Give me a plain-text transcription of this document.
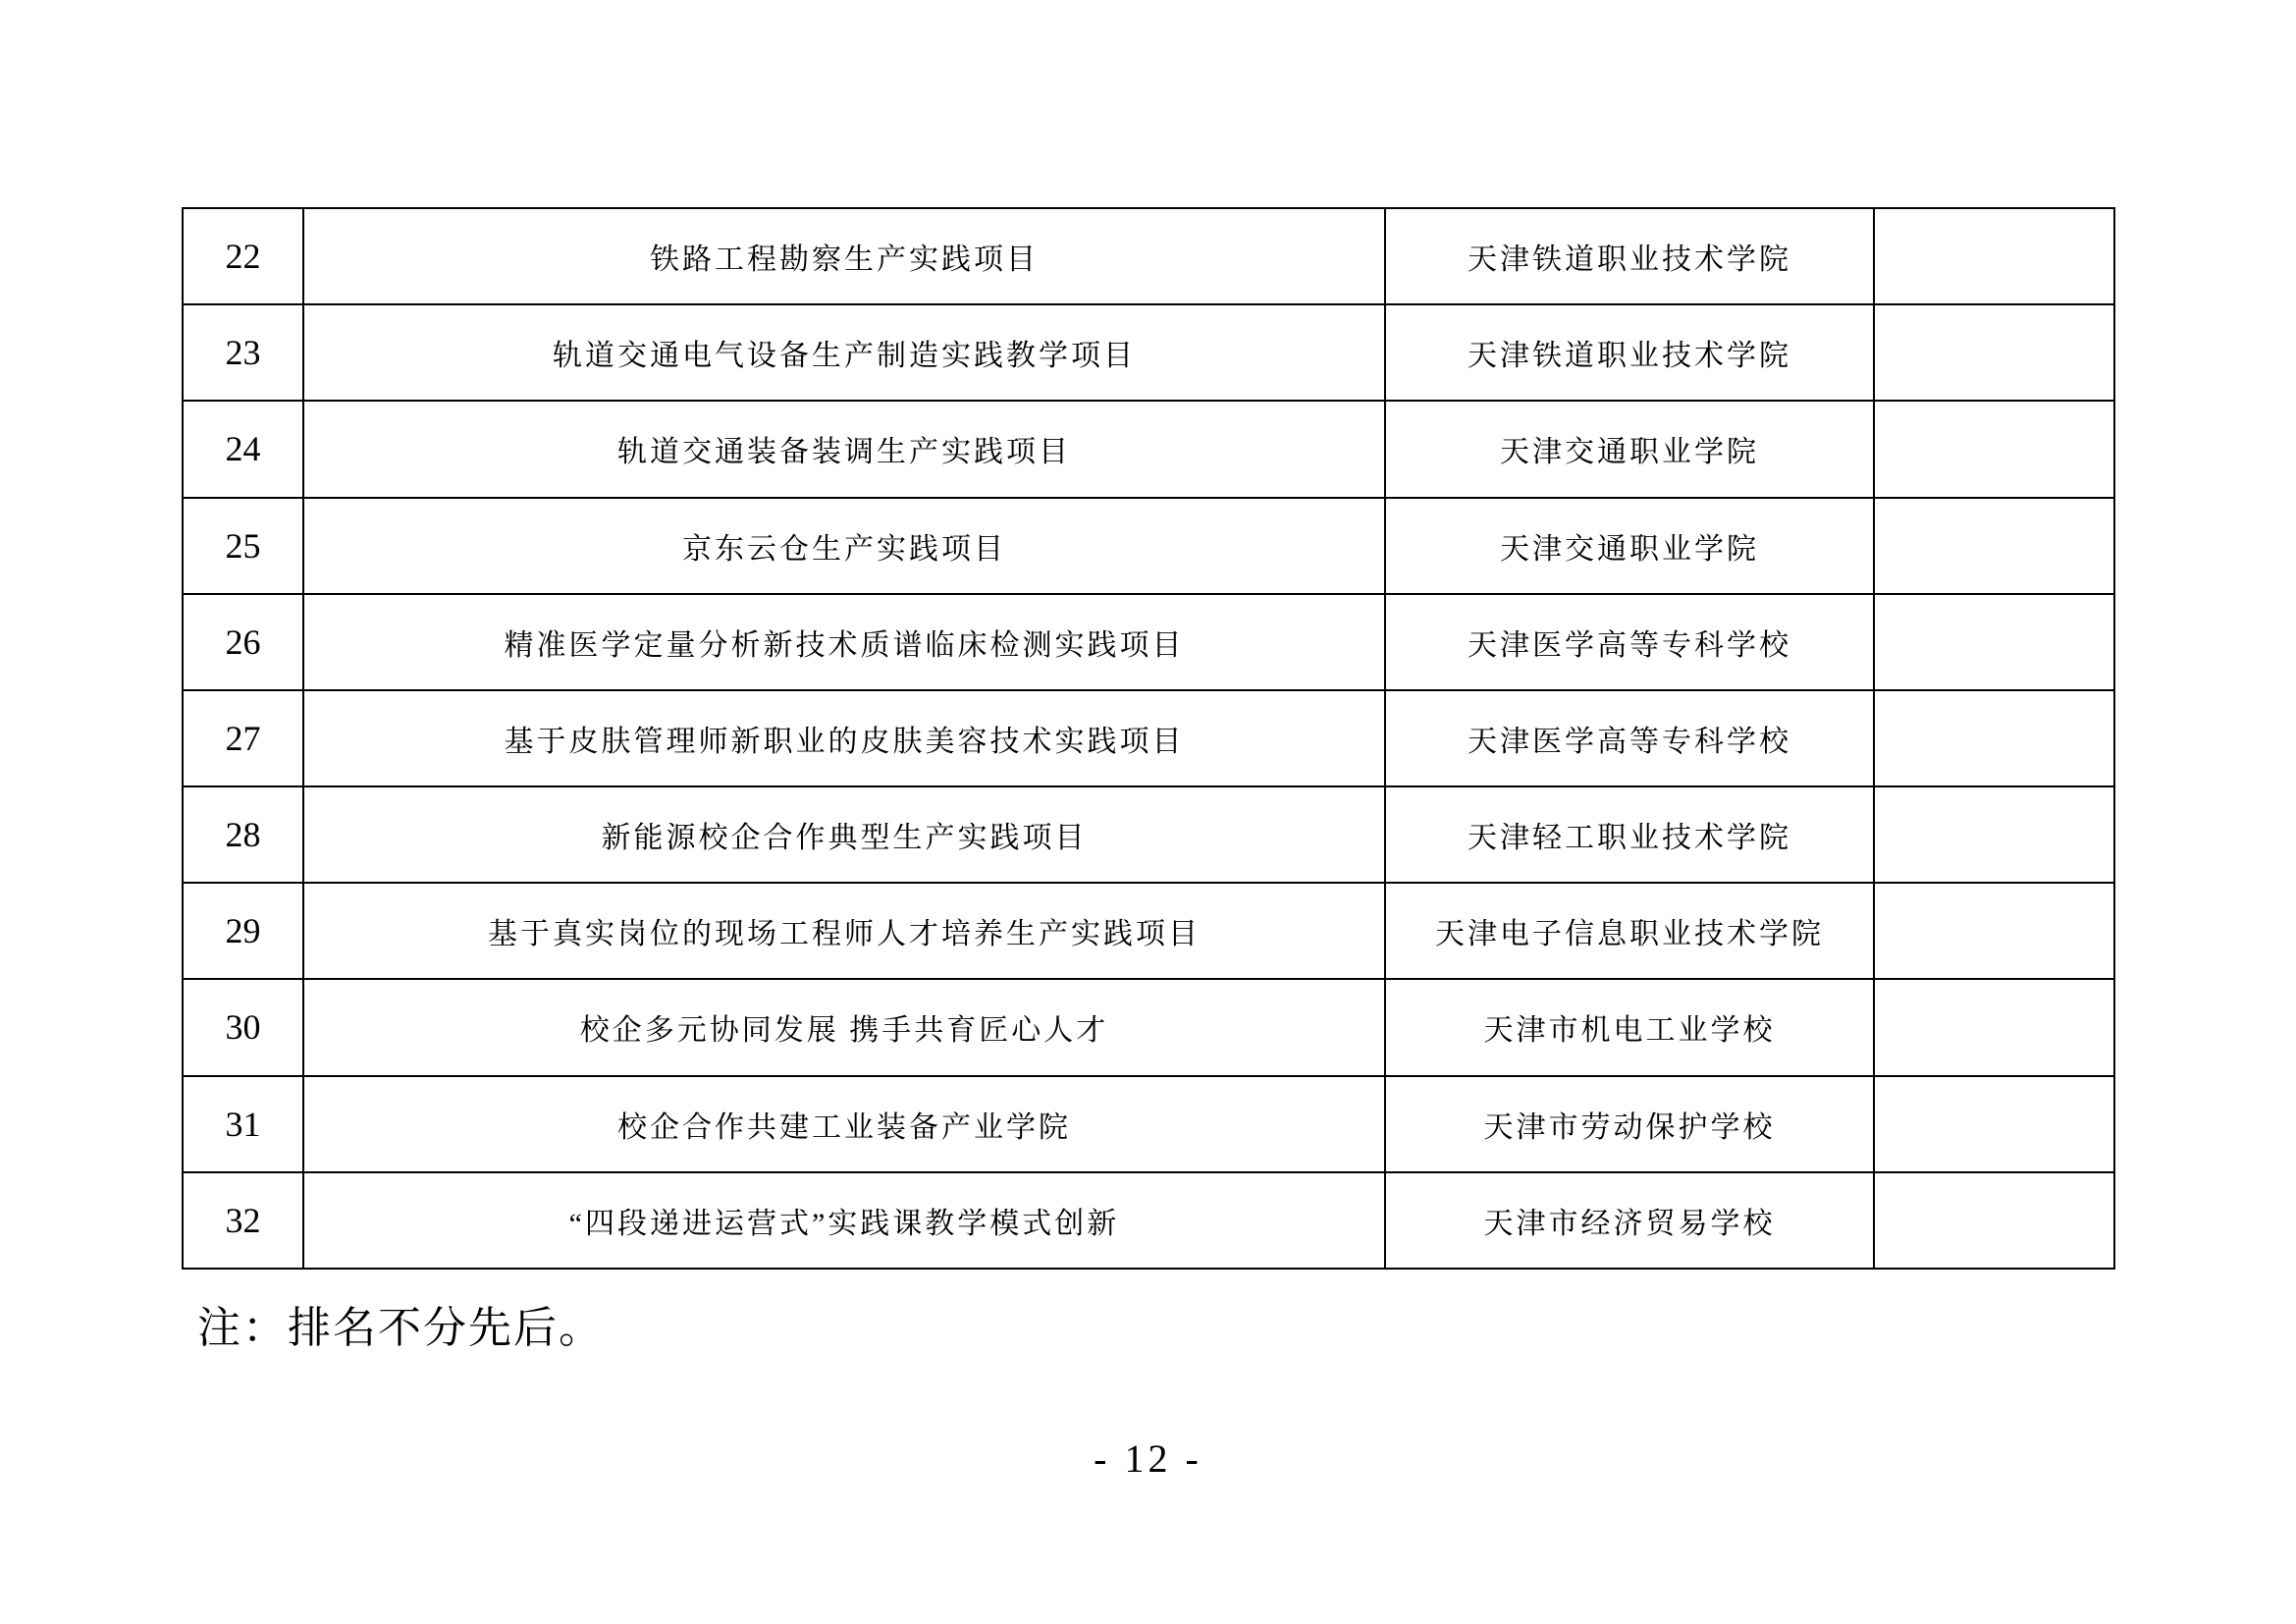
22	铁路工程勘察生产实践项目	天津铁道职业技术学院	
23	轨道交通电气设备生产制造实践教学项目	天津铁道职业技术学院	
24	轨道交通装备装调生产实践项目	天津交通职业学院	
25	京东云仓生产实践项目	天津交通职业学院	
26	精准医学定量分析新技术质谱临床检测实践项目	天津医学高等专科学校	
27	基于皮肤管理师新职业的皮肤美容技术实践项目	天津医学高等专科学校	
28	新能源校企合作典型生产实践项目	天津轻工职业技术学院	
29	基于真实岗位的现场工程师人才培养生产实践项目	天津电子信息职业技术学院	
30	校企多元协同发展 携手共育匠心人才	天津市机电工业学校	
31	校企合作共建工业装备产业学院	天津市劳动保护学校	
32	“四段递进运营式”实践课教学模式创新	天津市经济贸易学校	
注：排名不分先后。
- 12 -
